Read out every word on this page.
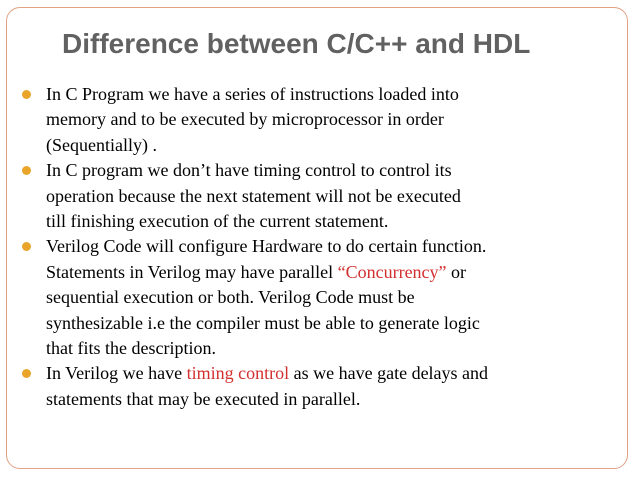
Difference between C/C++ and HDL
In C Program we have a series of instructions loaded into
memory and to be executed by microprocessor in order
(Sequentially) .
In C program we don’t have timing control to control its
operation because the next statement will not be executed
till finishing execution of the current statement.
Verilog Code will configure Hardware to do certain function.
Statements in Verilog may have parallel “Concurrency” or
sequential execution or both. Verilog Code must be
synthesizable i.e the compiler must be able to generate logic
that fits the description.
In Verilog we have timing control as we have gate delays and
statements that may be executed in parallel.
